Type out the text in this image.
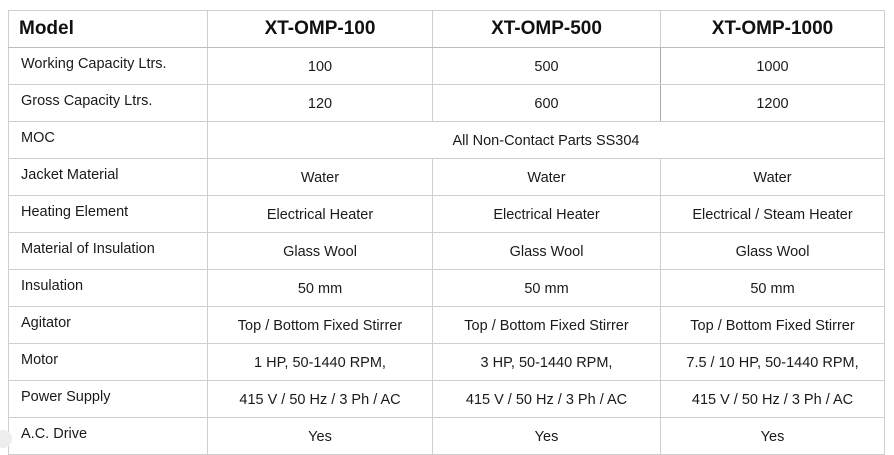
Model	XT-OMP-100	XT-OMP-500	XT-OMP-1000
Working Capacity Ltrs.	100	500	1000
Gross Capacity Ltrs.	120	600	1200
MOC	All Non-Contact Parts SS304		
Jacket Material	Water	Water	Water
Heating Element	Electrical Heater	Electrical Heater	Electrical / Steam Heater
Material of Insulation	Glass Wool	Glass Wool	Glass Wool
Insulation	50 mm	50 mm	50 mm
Agitator	Top / Bottom Fixed Stirrer	Top / Bottom Fixed Stirrer	Top / Bottom Fixed Stirrer
Motor	1 HP, 50-1440 RPM,	3 HP, 50-1440 RPM,	7.5 / 10 HP, 50-1440 RPM,
Power Supply	415 V / 50 Hz / 3 Ph / AC	415 V / 50 Hz / 3 Ph / AC	415 V / 50 Hz / 3 Ph / AC
A.C. Drive	Yes	Yes	Yes
